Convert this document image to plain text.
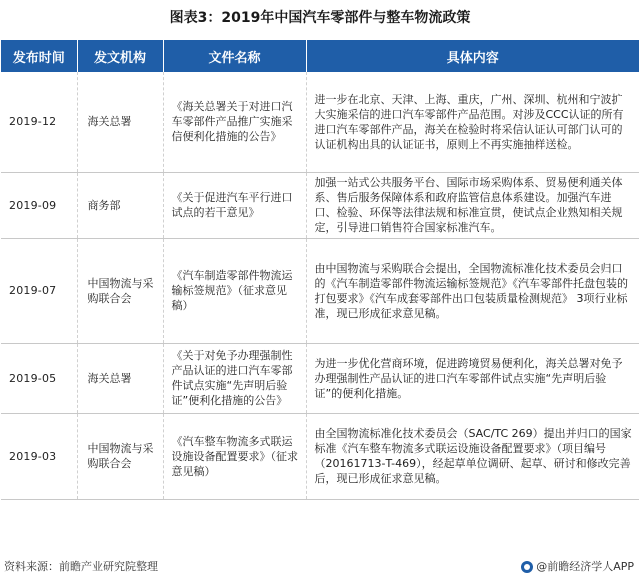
图表3：2019年中国汽车零部件与整车物流政策
发布时间	发文机构	文件名称	具体内容
2019-12	海关总署	《海关总署关于对进口汽车零部件产品推广实施采信便利化措施的公告》	进一步在北京、天津、上海、重庆，广州、深圳、杭州和宁波扩大实施采信的进口汽车零部件产品范围。对涉及CCC认证的所有进口汽车零部件产品，海关在检验时将采信认证认可部门认可的认证机构出具的认证证书，原则上不再实施抽样送检。
2019-09	商务部	《关于促进汽车平行进口试点的若干意见》	加强一站式公共服务平台、国际市场采购体系、贸易便利通关体系、售后服务保障体系和政府监管信息体系建设。加强汽车进口、检验、环保等法律法规和标准宣贯，使试点企业熟知相关规定，引导进口销售符合国家标准汽车。
2019-07	中国物流与采购联合会	《汽车制造零部件物流运输标签规范》（征求意见稿）	由中国物流与采购联合会提出，全国物流标准化技术委员会归口的《汽车制造零部件物流运输标签规范》《汽车零部件托盘包装的打包要求》《汽车成套零部件出口包装质量检测规范》 3项行业标准，现已形成征求意见稿。
2019-05	海关总署	《关于对免予办理强制性产品认证的进口汽车零部件试点实施“先声明后验证”便利化措施的公告》	为进一步优化营商环境，促进跨境贸易便利化，海关总署对免予办理强制性产品认证的进口汽车零部件试点实施“先声明后验证”的便利化措施。
2019-03	中国物流与采购联合会	《汽车整车物流多式联运设施设备配置要求》（征求意见稿）	由全国物流标准化技术委员会（SAC/TC 269）提出并归口的国家标准《汽车整车物流多式联运设施设备配置要求》（项目编号（20161713-T-469），经起草单位调研、起草、研讨和修改完善后，现已形成征求意见稿。
资料来源：前瞻产业研究院整理	@前瞻经济学人APP
